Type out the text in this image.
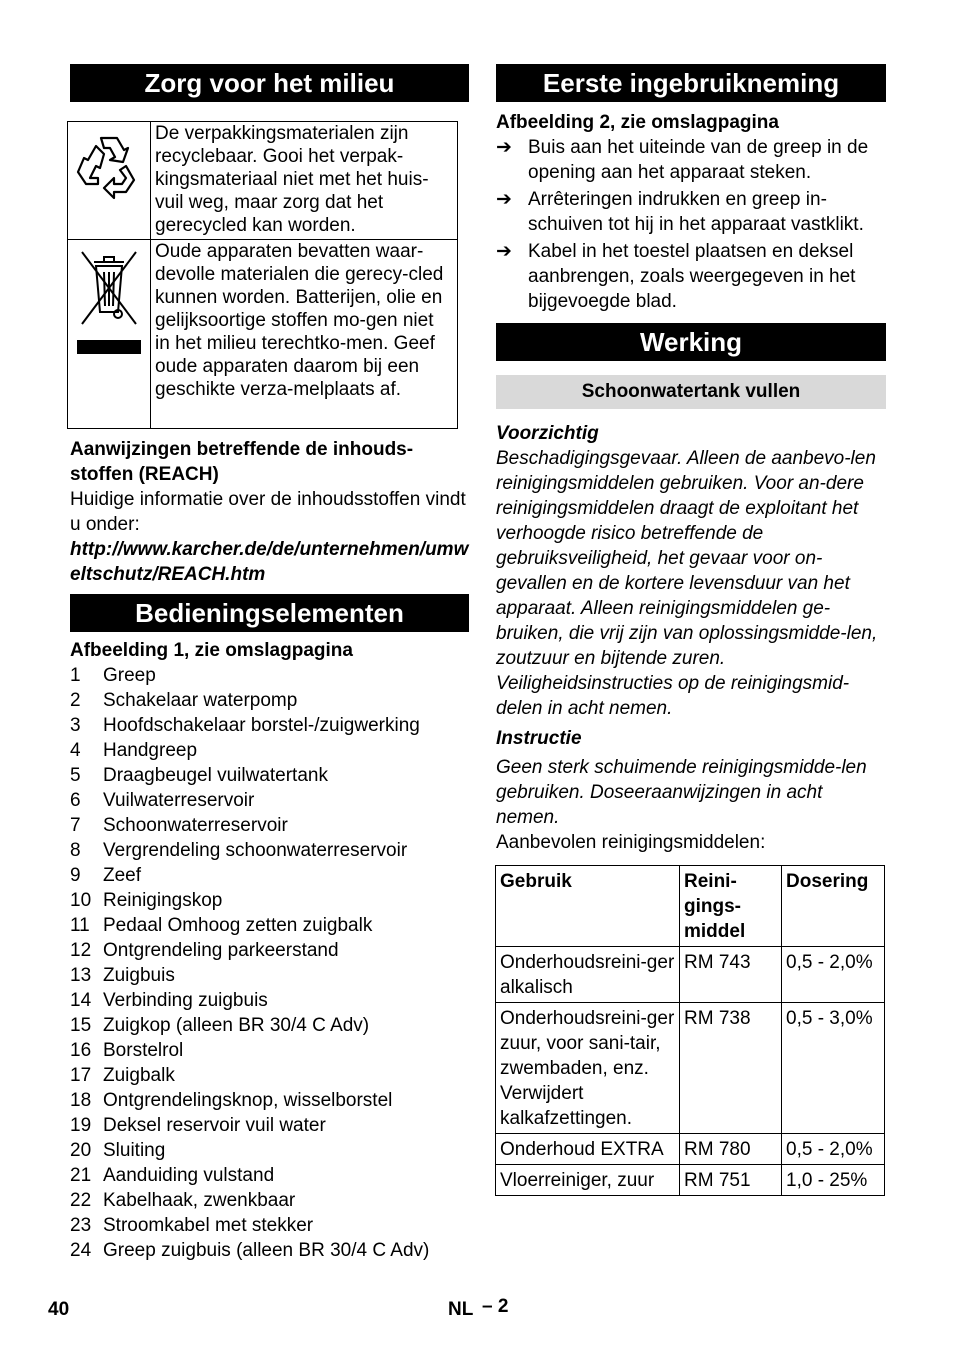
Zorg voor het milieu
	De verpakkingsmaterialen zijn recyclebaar. Gooi het verpak-kingsmateriaal niet met het huis-vuil weg, maar zorg dat het gerecycled kan worden.
	Oude apparaten bevatten waar-devolle materialen die gerecy-cled kunnen worden. Batterijen, olie en gelijksoortige stoffen mo-gen niet in het milieu terechtko-men. Geef oude apparaten daarom bij een geschikte verza-melplaats af.

Aanwijzingen betreffende de inhouds-stoffen (REACH)

Huidige informatie over de inhoudsstoffen vindt u onder:

http://www.karcher.de/de/unternehmen/umweltschutz/REACH.htm

Bedieningselementen

Afbeelding 1, zie omslagpagina

1	Greep
2	Schakelaar waterpomp
3	Hoofdschakelaar borstel-/zuigwerking
4	Handgreep
5	Draagbeugel vuilwatertank
6	Vuilwaterreservoir
7	Schoonwaterreservoir
8	Vergrendeling schoonwaterreservoir
9	Zeef
10 Reinigingskop
11 Pedaal Omhoog zetten zuigbalk
12 Ontgrendeling parkeerstand
13 Zuigbuis
14 Verbinding zuigbuis
15 Zuigkop (alleen BR 30/4 C Adv)
16 Borstelrol
17 Zuigbalk
18 Ontgrendelingsknop, wisselborstel
19 Deksel reservoir vuil water
20 Sluiting
21 Aanduiding vulstand
22 Kabelhaak, zwenkbaar
23 Stroomkabel met stekker
24 Greep zuigbuis (alleen BR 30/4 C Adv)
Eerste ingebruikneming

Afbeelding 2, zie omslagpagina

➔ Buis aan het uiteinde van de greep in de opening aan het apparaat steken.
➔ Arrêteringen indrukken en greep in-schuiven tot hij in het apparaat vastklikt.
➔ Kabel in het toestel plaatsen en deksel aanbrengen, zoals weergegeven in het bijgevoegde blad.
Werking
Schoonwatertank vullen

Voorzichtig

Beschadigingsgevaar. Alleen de aanbevo-len reinigingsmiddelen gebruiken. Voor an-dere reinigingsmiddelen draagt de exploitant het verhoogde risico betreffende de gebruiksveiligheid, het gevaar voor on-gevallen en de kortere levensduur van het apparaat. Alleen reinigingsmiddelen ge-bruiken, die vrij zijn van oplossingsmidde-len, zoutzuur en bijtende zuren. Veiligheidsinstructies op de reinigingsmid-delen in acht nemen.

Instructie

Geen sterk schuimende reinigingsmidde-len gebruiken. Doseeraanwijzingen in acht nemen.

Aanbevolen reinigingsmiddelen:

Gebruik	Reini-gings-middel	Dosering
Onderhoudsreini-ger alkalisch	RM 743	0,5 - 2,0%
Onderhoudsreini-ger zuur, voor sani-tair, zwembaden, enz. Verwijdert kalkafzettingen.	RM 738	0,5 - 3,0%
Onderhoud EXTRA	RM 780	0,5 - 2,0%
Vloerreiniger, zuur	RM 751	1,0 - 25%
40	NL – 2
